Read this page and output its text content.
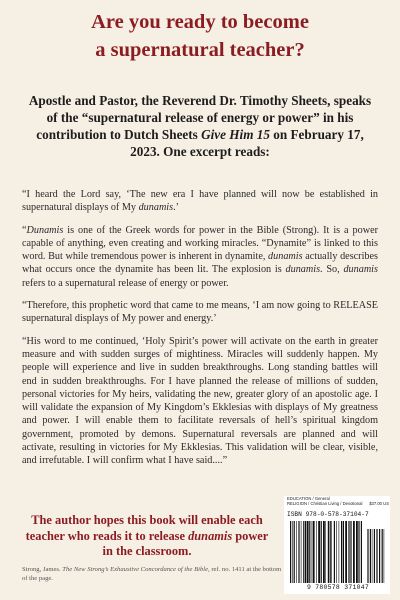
Are you ready to become
a supernatural teacher?
Apostle and Pastor, the Reverend Dr. Timothy Sheets, speaks of the “supernatural release of energy or power” in his contribution to Dutch Sheets Give Him 15 on February 17, 2023. One excerpt reads:

“I heard the Lord say, ‘The new era I have planned will now be established in supernatural displays of My dunamis.’

“Dunamis is one of the Greek words for power in the Bible (Strong). It is a power capable of anything, even creating and working miracles. “Dynamite” is linked to this word. But while tremendous power is inherent in dynamite, dunamis actually describes what occurs once the dynamite has been lit. The explosion is dunamis. So, dunamis refers to a supernatural release of energy or power.

“Therefore, this prophetic word that came to me means, ‘I am now going to RELEASE supernatural displays of My power and energy.’

“His word to me continued, ‘Holy Spirit’s power will activate on the earth in greater measure and with sudden surges of mightiness. Miracles will suddenly happen. My people will experience and live in sudden breakthroughs. Long standing battles will end in sudden breakthroughs. For I have planned the release of millions of sudden, personal victories for My heirs, validating the new, greater glory of an apostolic age. I will validate the expansion of My Kingdom’s Ekklesias with displays of My greatness and power. I will enable them to facilitate reversals of hell’s spiritual kingdom government, promoted by demons. Supernatural reversals are planned and will activate, resulting in victories for My Ekklesias. This validation will be clear, visible, and irrefutable. I will confirm what I have said....”

The author hopes this book will enable each teacher who reads it to release dunamis power in the classroom.
Strong, James. The New Strong’s Exhaustive Concordance of the Bible, ref. no. 1411 at the bottom of the page.
EDUCATION / General
RELIGION / Christian Living / Devotional	$37.00 US
ISBN 978-0-578-37104-7
9 780578 371047
